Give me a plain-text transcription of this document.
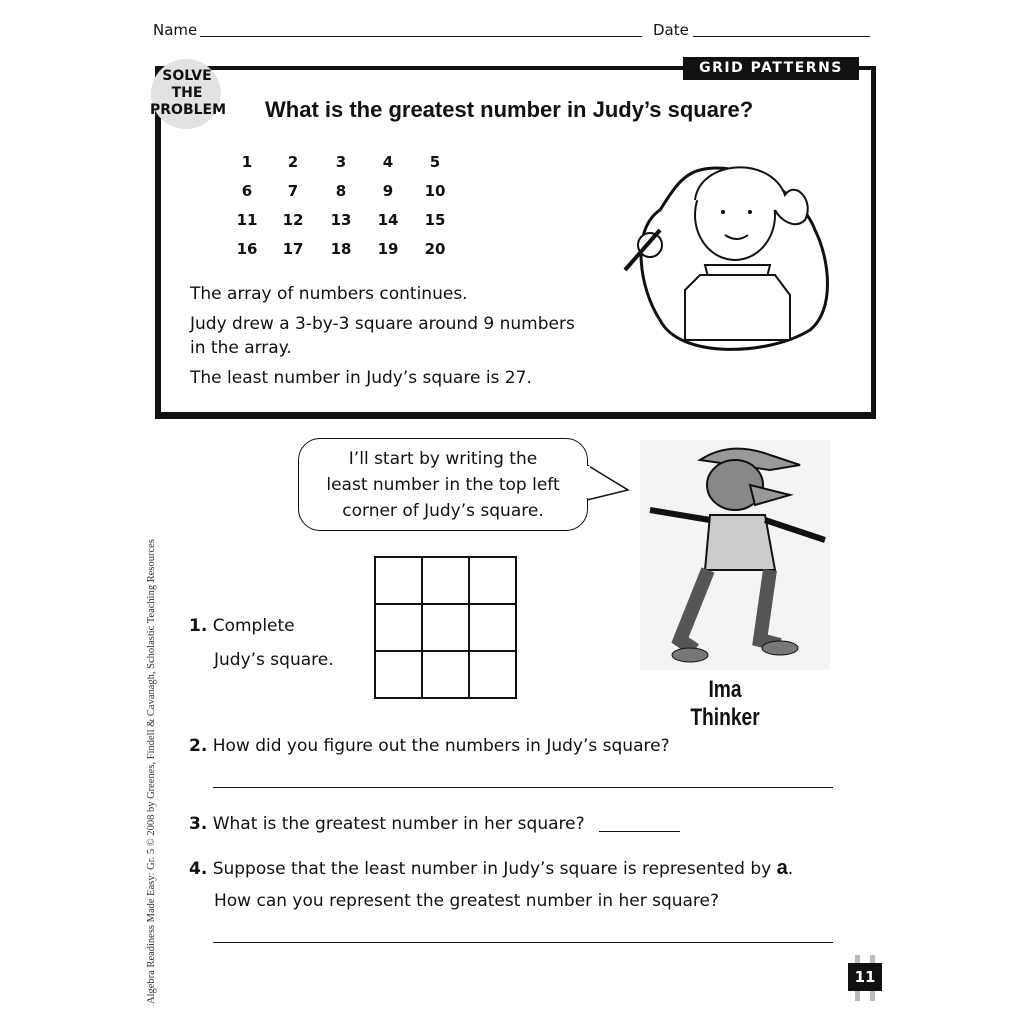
Name	Date
GRID PATTERNS
SOLVE
THE
PROBLEM What is the greatest number in Judy’s square?
1	2	3	4	5
6	7	8	9	10
11	12	13	14	15
16	17	18	19	20
The array of numbers continues.
Judy drew a 3-by-3 square around 9 numbers
in the array.
The least number in Judy’s square is 27.
I’ll start by writing the
least number in the top left
corner of Judy’s square.
Ima Thinker
1. Complete
Judy’s square.
2. How did you figure out the numbers in Judy’s square?
3. What is the greatest number in her square?
4. Suppose that the least number in Judy’s square is represented by a.
How can you represent the greatest number in her square?
Algebra Readiness Made Easy: Gr. 5 © 2008 by Greenes, Findell & Cavanagh, Scholastic Teaching Resources	11
